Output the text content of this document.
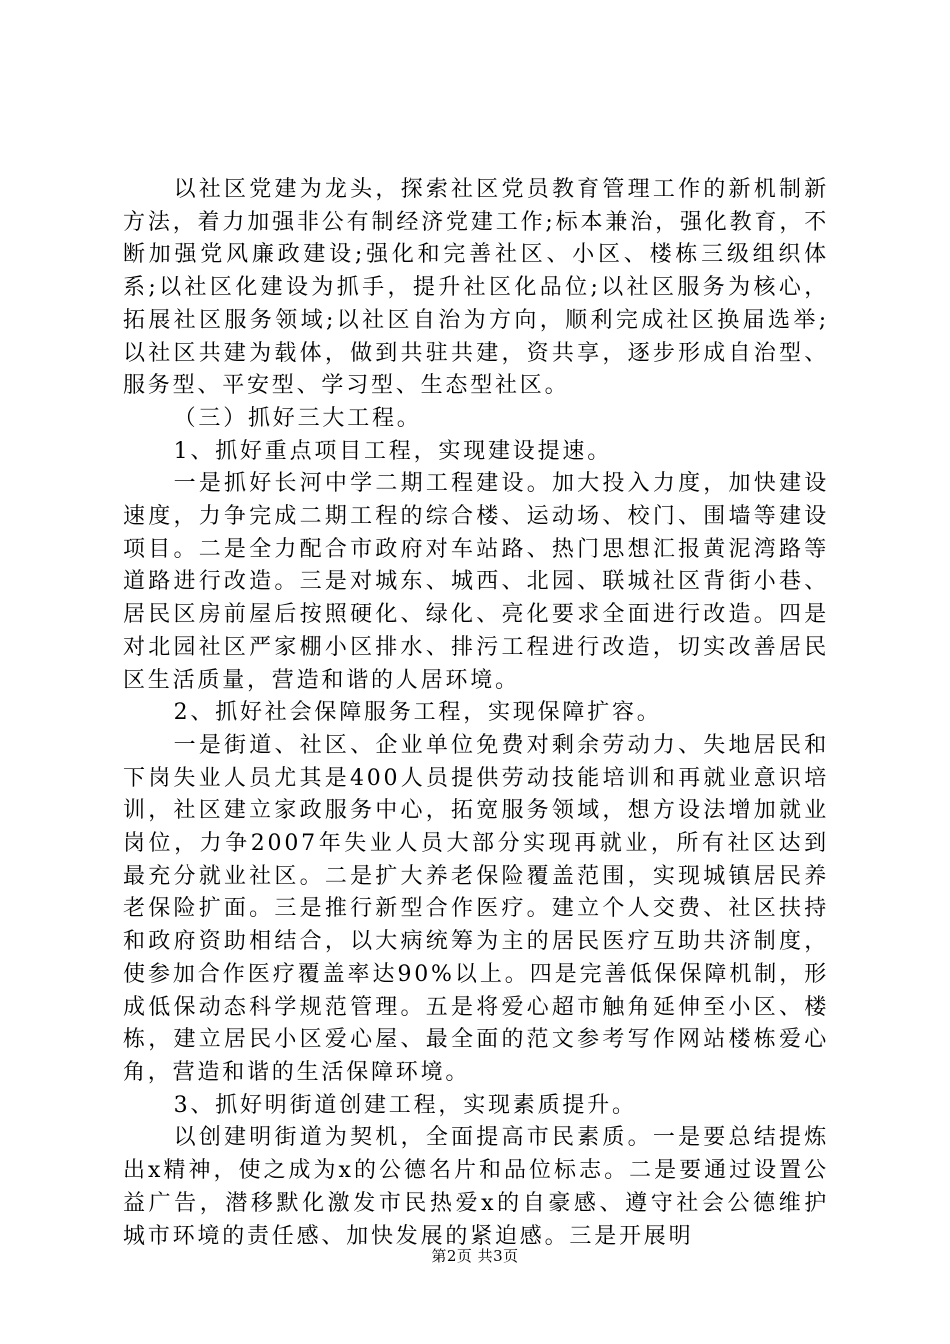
以社区党建为龙头，探索社区党员教育管理工作的新机制新方法，着力加强非公有制经济党建工作;标本兼治，强化教育，不断加强党风廉政建设;强化和完善社区、小区、楼栋三级组织体系;以社区化建设为抓手，提升社区化品位;以社区服务为核心，拓展社区服务领域;以社区自治为方向，顺利完成社区换届选举;以社区共建为载体，做到共驻共建，资共享，逐步形成自治型、服务型、平安型、学习型、生态型社区。

（三）抓好三大工程。

1、抓好重点项目工程，实现建设提速。

一是抓好长河中学二期工程建设。加大投入力度，加快建设速度，力争完成二期工程的综合楼、运动场、校门、围墙等建设项目。二是全力配合市政府对车站路、热门思想汇报黄泥湾路等道路进行改造。三是对城东、城西、北园、联城社区背街小巷、居民区房前屋后按照硬化、绿化、亮化要求全面进行改造。四是对北园社区严家棚小区排水、排污工程进行改造，切实改善居民区生活质量，营造和谐的人居环境。

2、抓好社会保障服务工程，实现保障扩容。

一是街道、社区、企业单位免费对剩余劳动力、失地居民和下岗失业人员尤其是400人员提供劳动技能培训和再就业意识培训，社区建立家政服务中心，拓宽服务领域，想方设法增加就业岗位，力争2007年失业人员大部分实现再就业，所有社区达到最充分就业社区。二是扩大养老保险覆盖范围，实现城镇居民养老保险扩面。三是推行新型合作医疗。建立个人交费、社区扶持和政府资助相结合，以大病统筹为主的居民医疗互助共济制度，使参加合作医疗覆盖率达90%以上。四是完善低保保障机制，形成低保动态科学规范管理。五是将爱心超市触角延伸至小区、楼栋，建立居民小区爱心屋、最全面的范文参考写作网站楼栋爱心角，营造和谐的生活保障环境。

3、抓好明街道创建工程，实现素质提升。

以创建明街道为契机，全面提高市民素质。一是要总结提炼出x精神，使之成为x的公德名片和品位标志。二是要通过设置公益广告，潜移默化激发市民热爱x的自豪感、遵守社会公德维护城市环境的责任感、加快发展的紧迫感。三是开展明

第2页 共3页
